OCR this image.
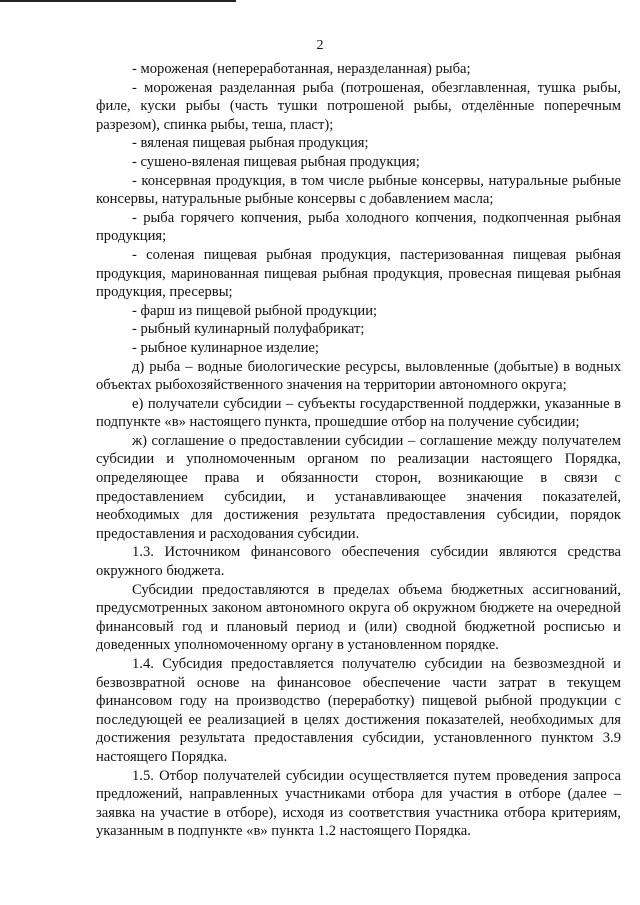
2

- мороженая (непереработанная, неразделанная) рыба;

- мороженая разделанная рыба (потрошеная, обезглавленная, тушка рыбы, филе, куски рыбы (часть тушки потрошеной рыбы, отделённые поперечным разрезом), спинка рыбы, теша, пласт);

- вяленая пищевая рыбная продукция;

- сушено-вяленая пищевая рыбная продукция;

- консервная продукция, в том числе рыбные консервы, натуральные рыбные консервы, натуральные рыбные консервы с добавлением масла;

- рыба горячего копчения, рыба холодного копчения, подкопченная рыбная продукция;

- соленая пищевая рыбная продукция, пастеризованная пищевая рыбная продукция, маринованная пищевая рыбная продукция, провесная пищевая рыбная продукция, пресервы;

- фарш из пищевой рыбной продукции;

- рыбный кулинарный полуфабрикат;

- рыбное кулинарное изделие;

д) рыба – водные биологические ресурсы, выловленные (добытые) в водных объектах рыбохозяйственного значения на территории автономного округа;

е) получатели субсидии – субъекты государственной поддержки, указанные в подпункте «в» настоящего пункта, прошедшие отбор на получение субсидии;

ж) соглашение о предоставлении субсидии – соглашение между получателем субсидии и уполномоченным органом по реализации настоящего Порядка, определяющее права и обязанности сторон, возникающие в связи с предоставлением субсидии, и устанавливающее значения показателей, необходимых для достижения результата предоставления субсидии, порядок предоставления и расходования субсидии.

1.3. Источником финансового обеспечения субсидии являются средства окружного бюджета.

Субсидии предоставляются в пределах объема бюджетных ассигнований, предусмотренных законом автономного округа об окружном бюджете на очередной финансовый год и плановый период и (или) сводной бюджетной росписью и доведенных уполномоченному органу в установленном порядке.

1.4. Субсидия предоставляется получателю субсидии на безвозмездной и безвозвратной основе на финансовое обеспечение части затрат в текущем финансовом году на производство (переработку) пищевой рыбной продукции с последующей ее реализацией в целях достижения показателей, необходимых для достижения результата предоставления субсидии, установленного пунктом 3.9 настоящего Порядка.

1.5. Отбор получателей субсидии осуществляется путем проведения запроса предложений, направленных участниками отбора для участия в отборе (далее – заявка на участие в отборе), исходя из соответствия участника отбора критериям, указанным в подпункте «в» пункта 1.2 настоящего Порядка.
